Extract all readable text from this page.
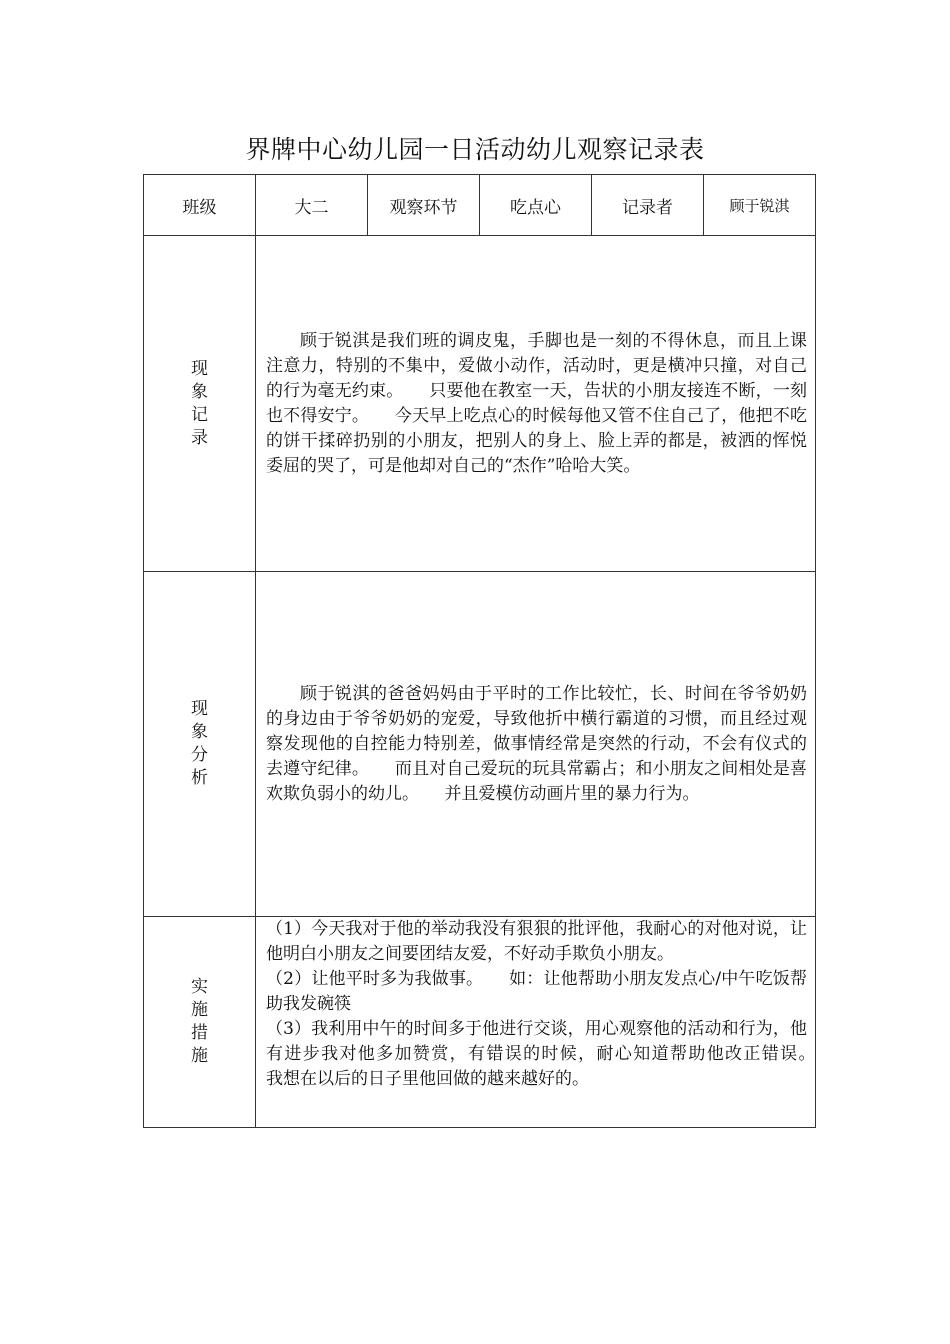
界牌中心幼儿园一日活动幼儿观察记录表
班级	大二	观察环节	吃点心	记录者	顾于锐淇
现象记录	顾于锐淇是我们班的调皮鬼，手脚也是一刻的不得休息，而且上课注意力，特别的不集中，爱做小动作，活动时，更是横冲只撞，对自己的行为毫无约束。　　只要他在教室一天，告状的小朋友接连不断，一刻也不得安宁。　　今天早上吃点心的时候每他又管不住自己了，他把不吃的饼干揉碎扔别的小朋友，把别人的身上、脸上弄的都是，被洒的恽悦委屈的哭了，可是他却对自己的“杰作”哈哈大笑。				

现象分析	顾于锐淇的爸爸妈妈由于平时的工作比较忙，长、时间在爷爷奶奶的身边由于爷爷奶奶的宠爱，导致他折中横行霸道的习惯，而且经过观察发现他的自控能力特别差，做事情经常是突然的行动，不会有仪式的去遵守纪律。　　而且对自己爱玩的玩具常霸占；和小朋友之间相处是喜欢欺负弱小的幼儿。　　并且爱模仿动画片里的暴力行为。				

实施措施	（1）今天我对于他的举动我没有狠狠的批评他，我耐心的对他对说，让他明白小朋友之间要团结友爱，不好动手欺负小朋友。

（2）让他平时多为我做事。　　如：让他帮助小朋友发点心/中午吃饭帮助我发碗筷

（3）我利用中午的时间多于他进行交谈，用心观察他的活动和行为，他有进步我对他多加赞赏，有错误的时候，耐心知道帮助他改正错误。　　我想在以后的日子里他回做的越来越好的。				
